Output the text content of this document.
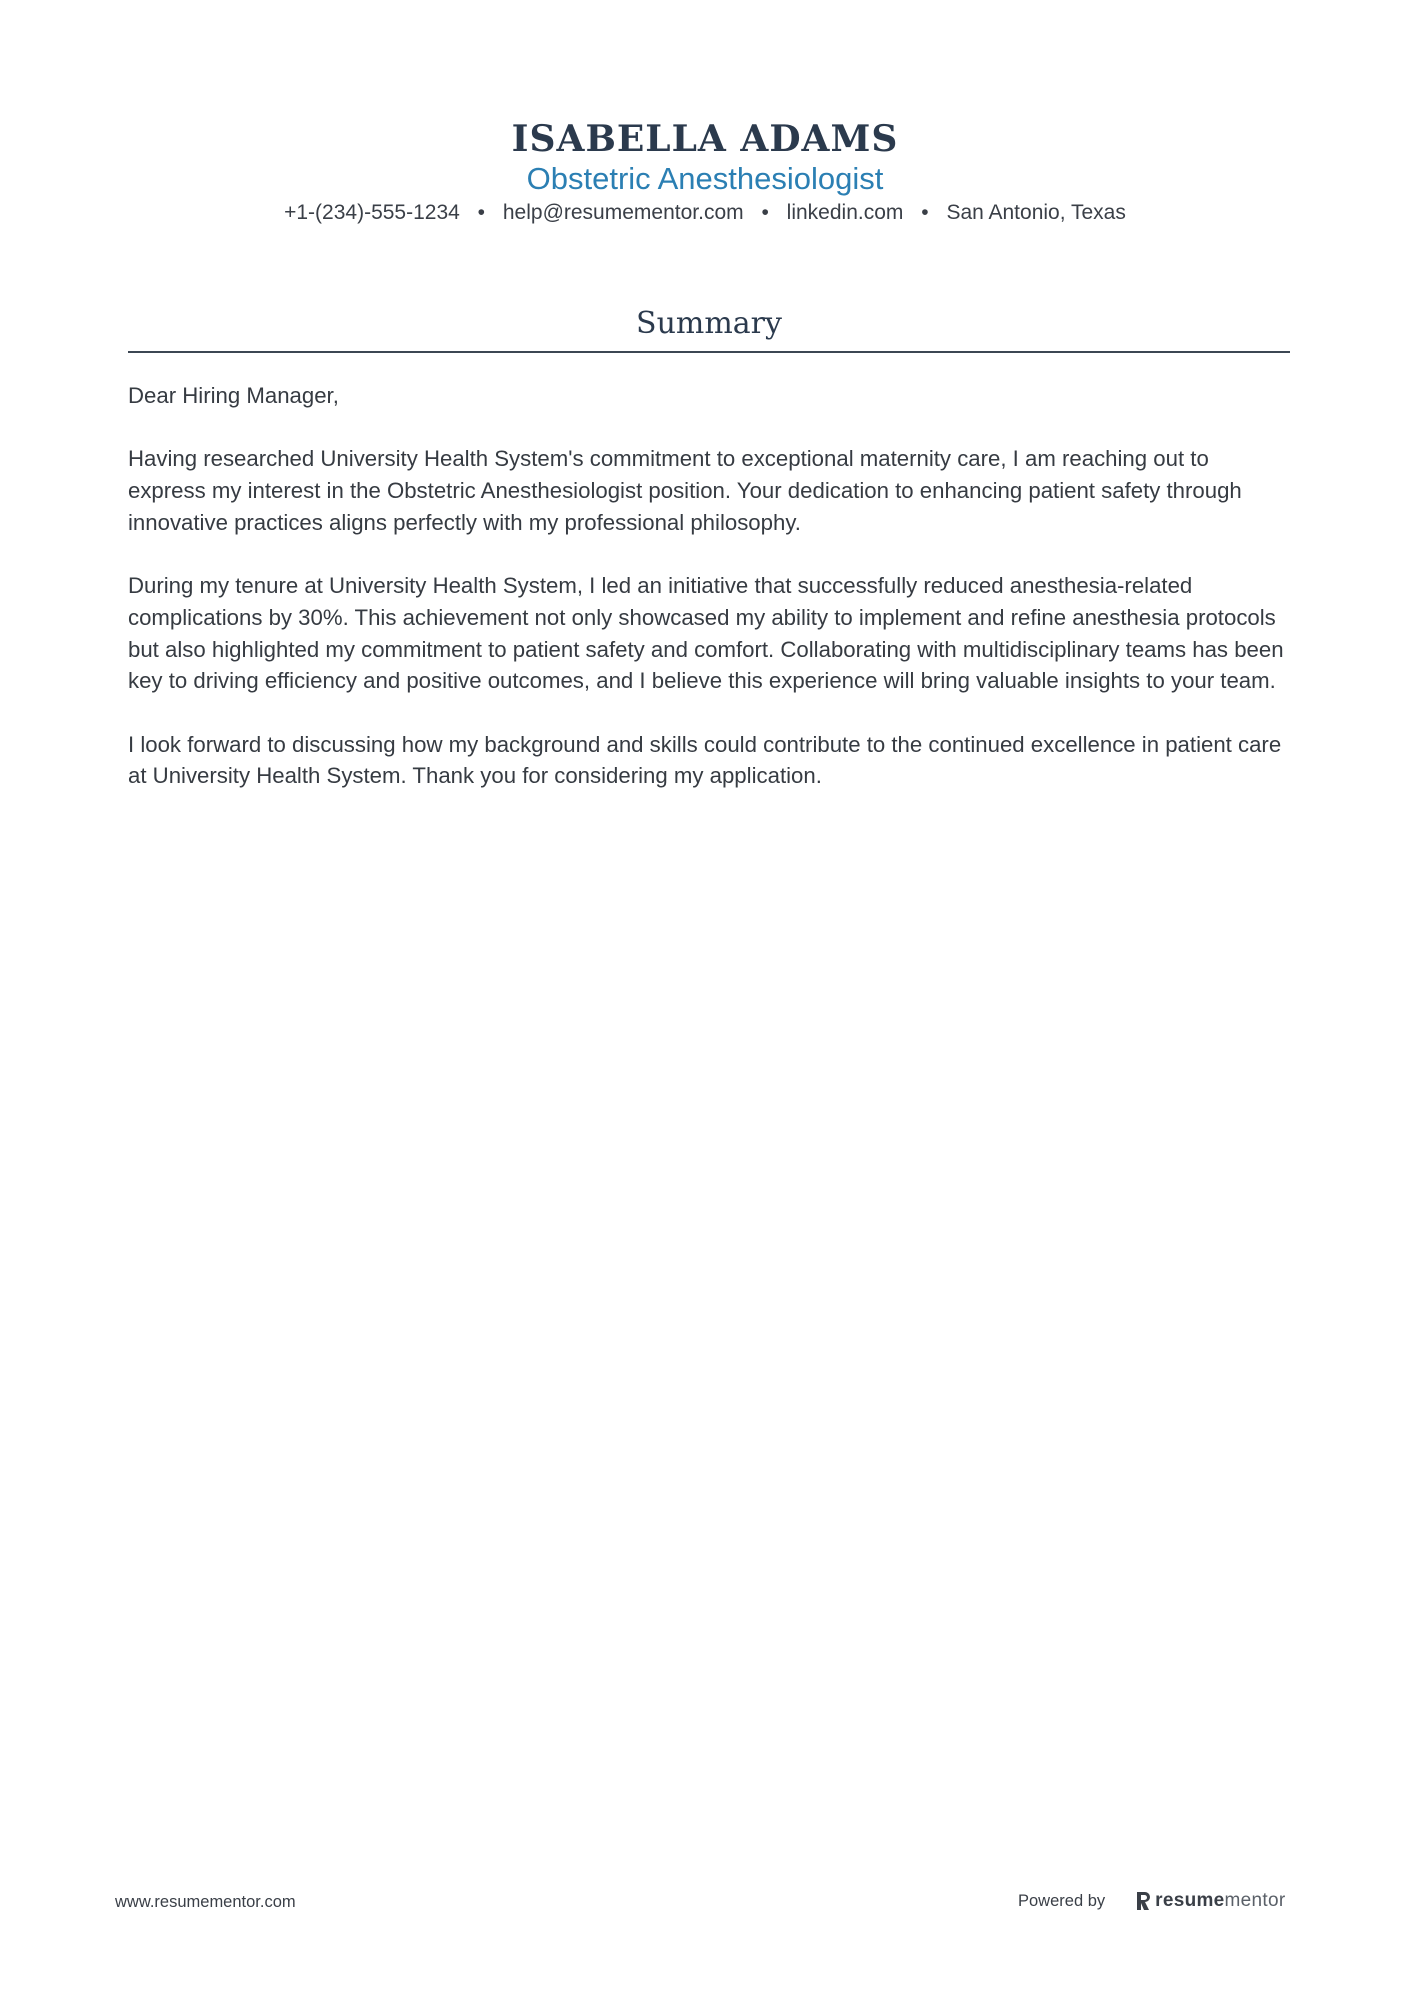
ISABELLA ADAMS
Obstetric Anesthesiologist
+1-(234)-555-1234 • help@resumementor.com • linkedin.com • San Antonio, Texas
Summary

Dear Hiring Manager,

Having researched University Health System's commitment to exceptional maternity care, I am reaching out to express my interest in the Obstetric Anesthesiologist position. Your dedication to enhancing patient safety through innovative practices aligns perfectly with my professional philosophy.

During my tenure at University Health System, I led an initiative that successfully reduced anesthesia-related complications by 30%. This achievement not only showcased my ability to implement and refine anesthesia protocols but also highlighted my commitment to patient safety and comfort. Collaborating with multidisciplinary teams has been key to driving efficiency and positive outcomes, and I believe this experience will bring valuable insights to your team.

I look forward to discussing how my background and skills could contribute to the continued excellence in patient care at University Health System. Thank you for considering my application.

www.resumementor.com	Powered by	resumementor
